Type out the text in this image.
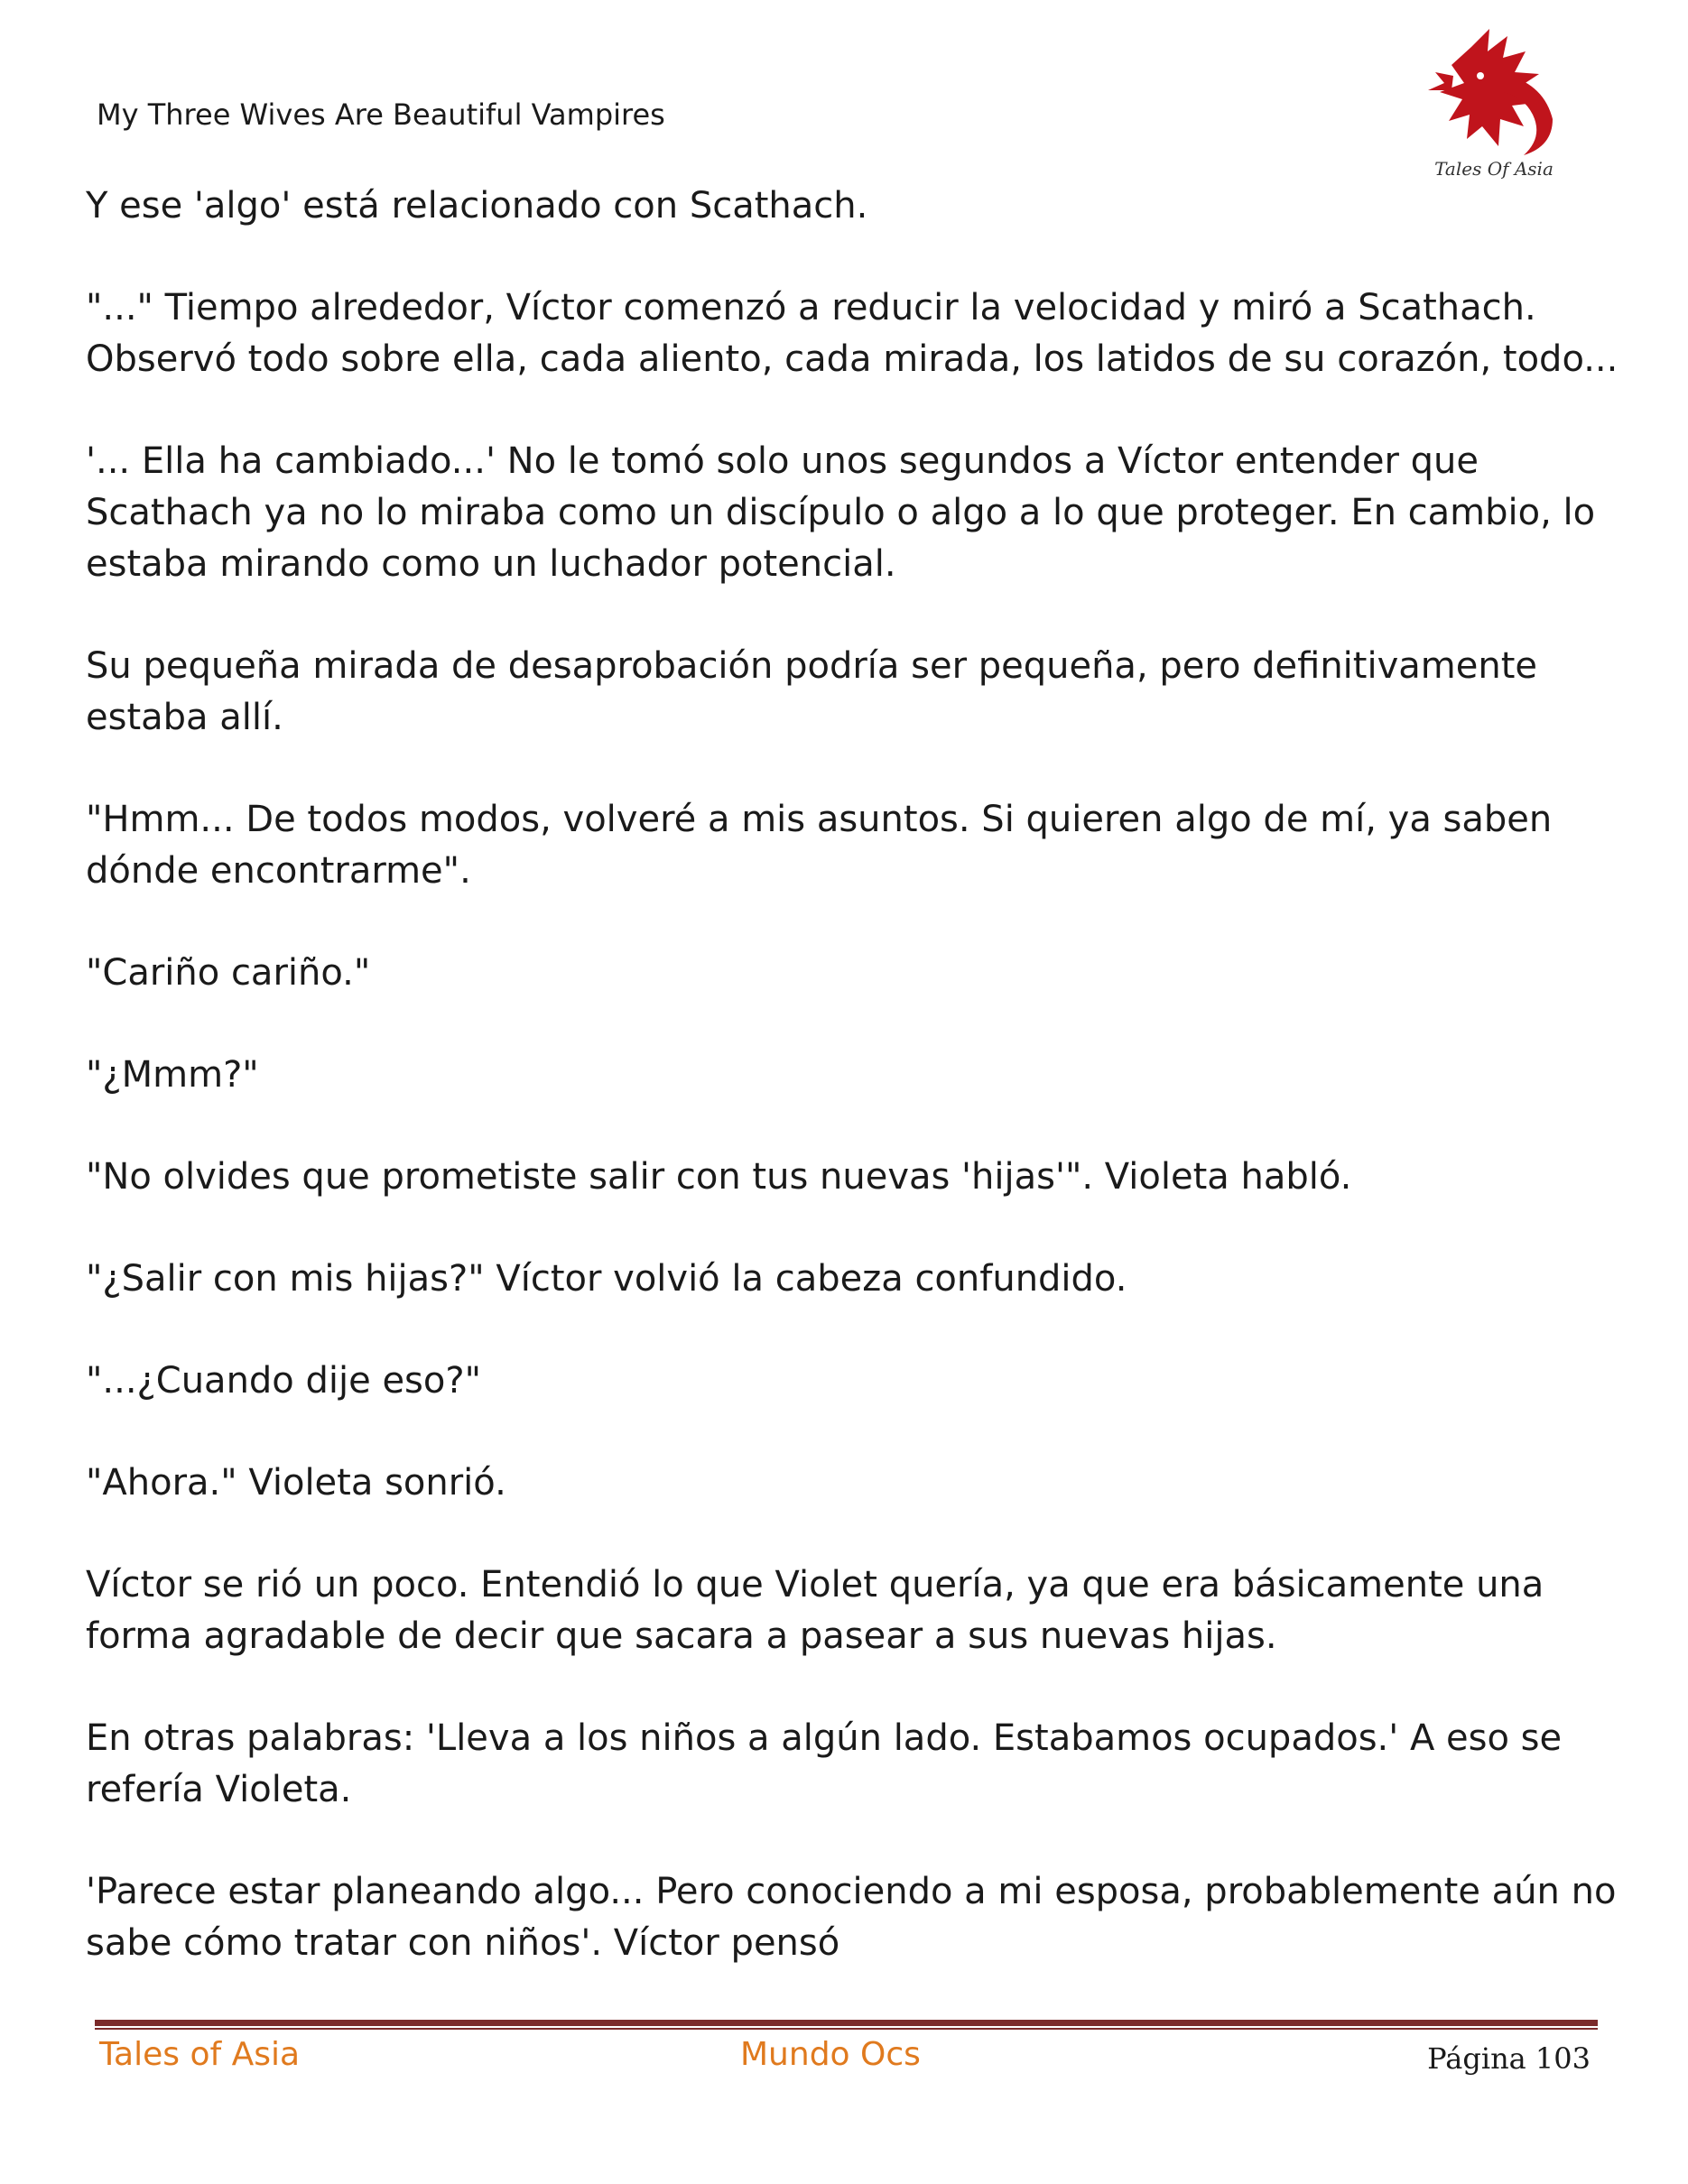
My Three Wives Are Beautiful Vampires

Tales Of Asia

Y ese 'algo' está relacionado con Scathach.

"..." Tiempo alrededor, Víctor comenzó a reducir la velocidad y miró a Scathach. Observó todo sobre ella, cada aliento, cada mirada, los latidos de su corazón, todo...

'... Ella ha cambiado...' No le tomó solo unos segundos a Víctor entender que Scathach ya no lo miraba como un discípulo o algo a lo que proteger. En cambio, lo estaba mirando como un luchador potencial.

Su pequeña mirada de desaprobación podría ser pequeña, pero definitivamente estaba allí.

"Hmm... De todos modos, volveré a mis asuntos. Si quieren algo de mí, ya saben dónde encontrarme".

"Cariño cariño."

"¿Mmm?"

"No olvides que prometiste salir con tus nuevas 'hijas'". Violeta habló.

"¿Salir con mis hijas?" Víctor volvió la cabeza confundido.

"...¿Cuando dije eso?"

"Ahora." Violeta sonrió.

Víctor se rió un poco. Entendió lo que Violet quería, ya que era básicamente una forma agradable de decir que sacara a pasear a sus nuevas hijas.

En otras palabras: 'Lleva a los niños a algún lado. Estabamos ocupados.' A eso se refería Violeta.

'Parece estar planeando algo... Pero conociendo a mi esposa, probablemente aún no sabe cómo tratar con niños'. Víctor pensó

Tales of Asia	Mundo Ocs	Página 103
